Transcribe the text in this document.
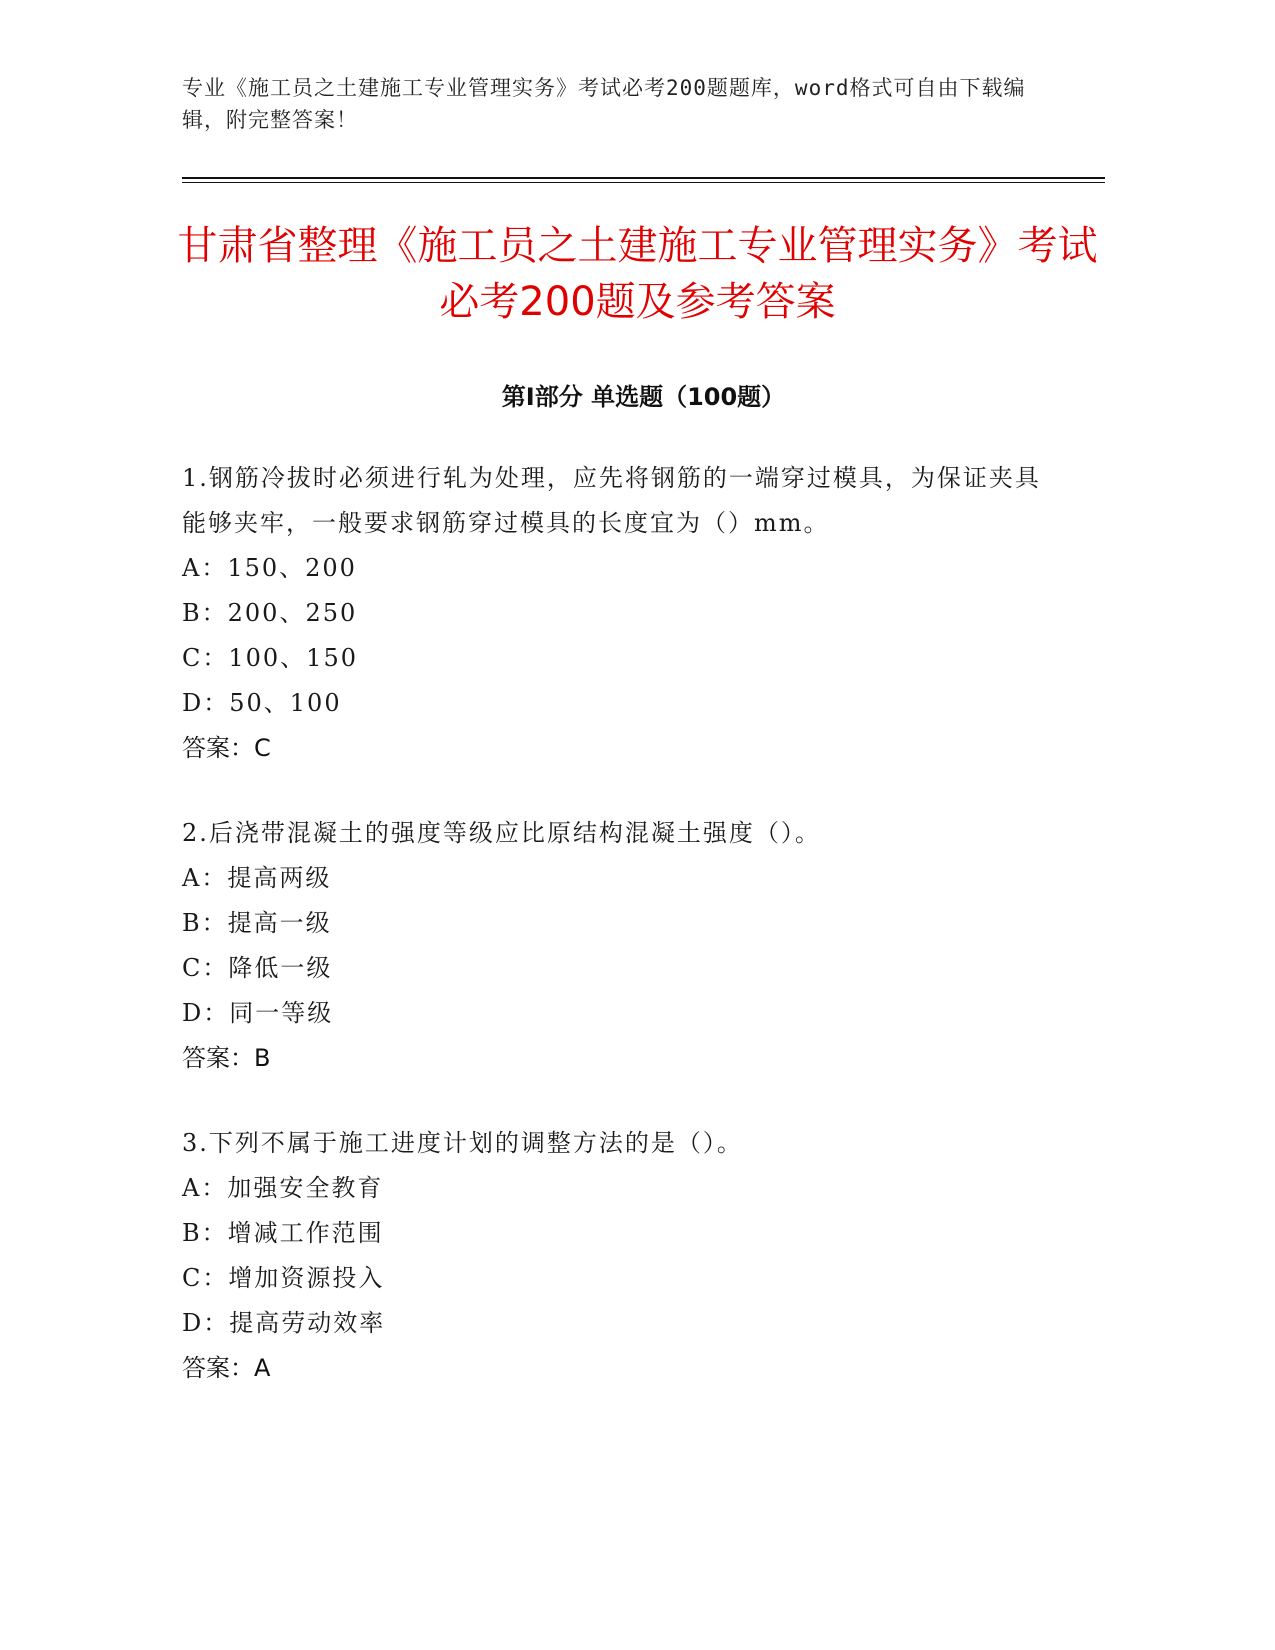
专业《施工员之土建施工专业管理实务》考试必考200题题库，word格式可自由下载编辑，附完整答案！
甘肃省整理《施工员之土建施工专业管理实务》考试必考200题及参考答案
第Ⅰ部分 单选题（100题）
1.钢筋冷拔时必须进行轧为处理，应先将钢筋的一端穿过模具，为保证夹具能够夹牢，一般要求钢筋穿过模具的长度宜为（）mm。
A：150、200
B：200、250
C：100、150
D：50、100
答案：C
2.后浇带混凝土的强度等级应比原结构混凝土强度（）。
A：提高两级
B：提高一级
C：降低一级
D：同一等级
答案：B
3.下列不属于施工进度计划的调整方法的是（）。
A：加强安全教育
B：增减工作范围
C：增加资源投入
D：提高劳动效率
答案：A
